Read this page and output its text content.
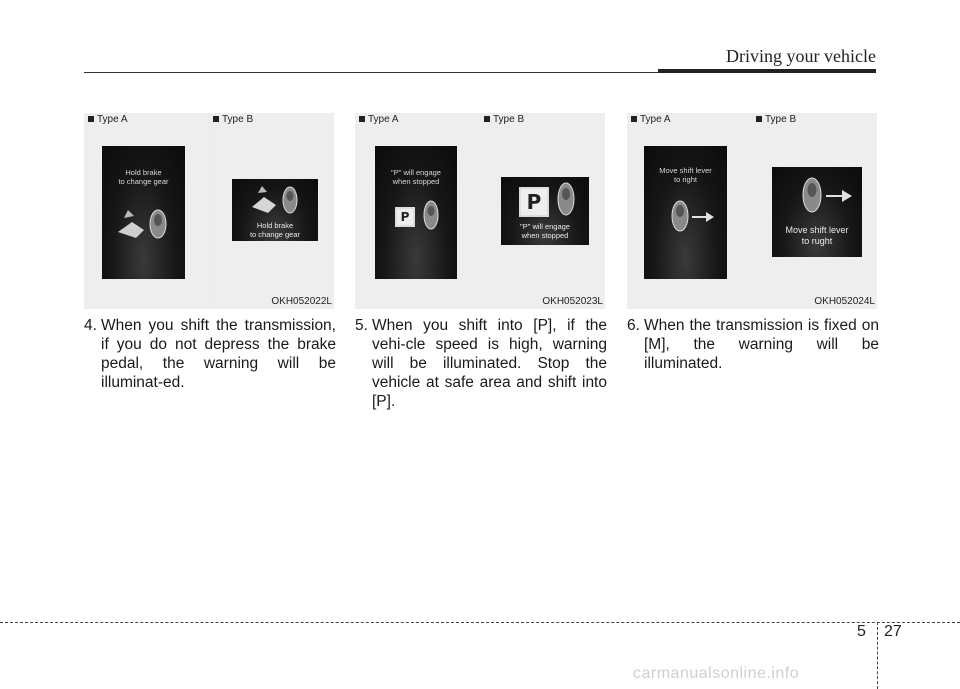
Driving your vehicle
Type A
Hold brake
to change gear
Type B
Hold brake
to change gear
OKH052022L
Type A
"P" will engage
when stopped
P
Type B
P
"P" will engage
when stopped
OKH052023L
Type A
Move shift lever
to right
Type B
Move shift lever
to rught
OKH052024L
4. When you shift the transmission, if you do not depress the brake pedal, the warning will be illuminat-ed.
5. When you shift into [P], if the vehi-cle speed is high, warning will be illuminated. Stop the vehicle at safe area and shift into [P].
6. When the transmission is fixed on [M], the warning will be illuminated.
5 27
carmanualsonline.info
